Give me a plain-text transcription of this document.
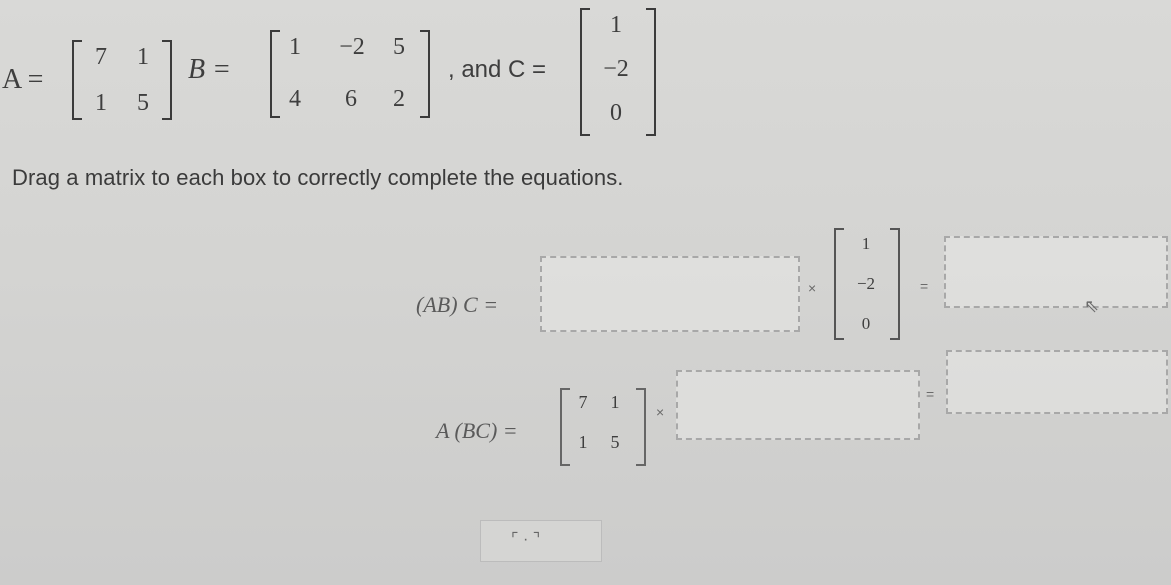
A =
7	1
1	5
B =
1	−2	5
4	6	2
, and C =
1
−2
0
Drag a matrix to each box to correctly complete the equations.
(AB) C =
×
1
−2
0
=
⇖
A (BC) =
7	1
1	5
×
=
⌜ · ⌝
